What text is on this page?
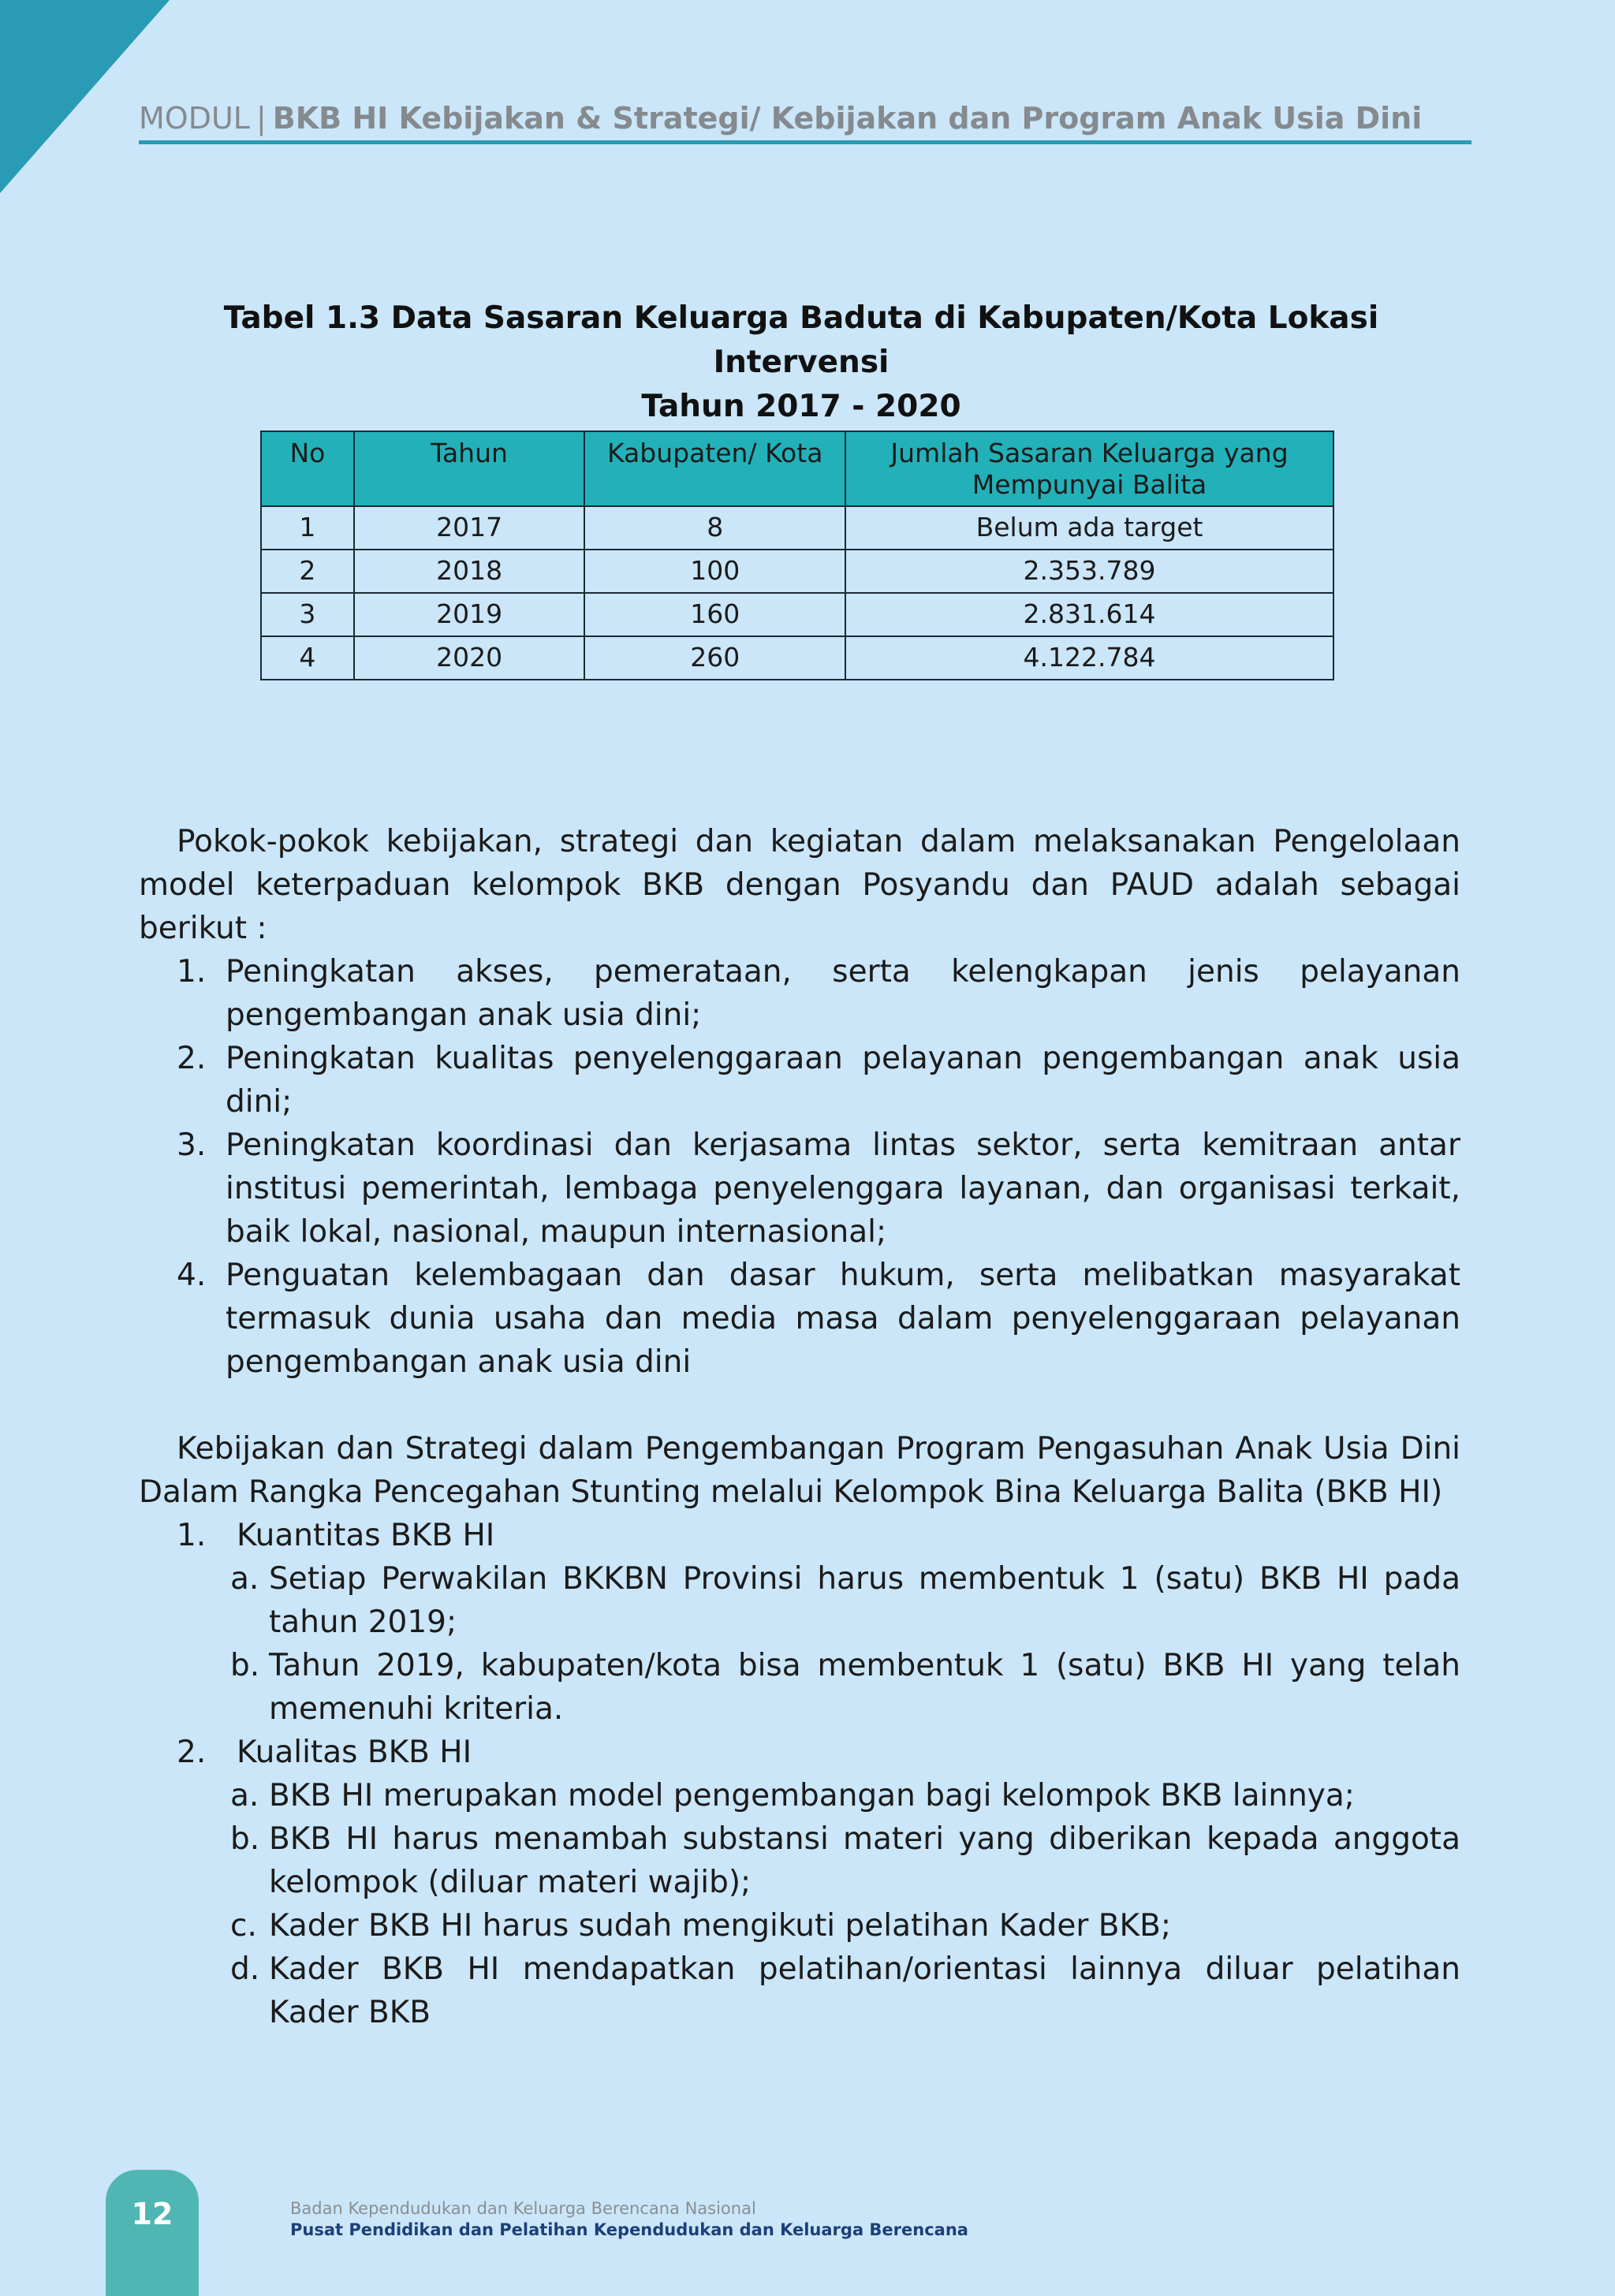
MODUL | BKB HI Kebijakan & Strategi/ Kebijakan dan Program Anak Usia Dini
Tabel 1.3 Data Sasaran Keluarga Baduta di Kabupaten/Kota Lokasi Intervensi
Tahun 2017 - 2020
No	Tahun	Kabupaten/ Kota	Jumlah Sasaran Keluarga yang Mempunyai Balita
1	2017	8	Belum ada target
2	2018	100	2.353.789
3	2019	160	2.831.614
4	2020	260	4.122.784

Pokok-pokok kebijakan, strategi dan kegiatan dalam melaksanakan Pengelolaan model keterpaduan kelompok BKB dengan Posyandu dan PAUD adalah sebagai berikut :

1. Peningkatan akses, pemerataan, serta kelengkapan jenis pelayanan pengembangan anak usia dini;
2. Peningkatan kualitas penyelenggaraan pelayanan pengembangan anak usia dini;
3. Peningkatan koordinasi dan kerjasama lintas sektor, serta kemitraan antar institusi pemerintah, lembaga penyelenggara layanan, dan organisasi terkait, baik lokal, nasional, maupun internasional;
4. Penguatan kelembagaan dan dasar hukum, serta melibatkan masyarakat termasuk dunia usaha dan media masa dalam penyelenggaraan pelayanan pengembangan anak usia dini

Kebijakan dan Strategi dalam Pengembangan Program Pengasuhan Anak Usia Dini Dalam Rangka Pencegahan Stunting melalui Kelompok Bina Keluarga Balita (BKB HI)

1. Kuantitas BKB HI
a. Setiap Perwakilan BKKBN Provinsi harus membentuk 1 (satu) BKB HI pada tahun 2019;
b. Tahun 2019, kabupaten/kota bisa membentuk 1 (satu) BKB HI yang telah memenuhi kriteria.
2. Kualitas BKB HI
a. BKB HI merupakan model pengembangan bagi kelompok BKB lainnya;
b. BKB HI harus menambah substansi materi yang diberikan kepada anggota kelompok (diluar materi wajib);
c. Kader BKB HI harus sudah mengikuti pelatihan Kader BKB;
d. Kader BKB HI mendapatkan pelatihan/orientasi lainnya diluar pelatihan Kader BKB
12	Badan Kependudukan dan Keluarga Berencana Nasional
Pusat Pendidikan dan Pelatihan Kependudukan dan Keluarga Berencana
